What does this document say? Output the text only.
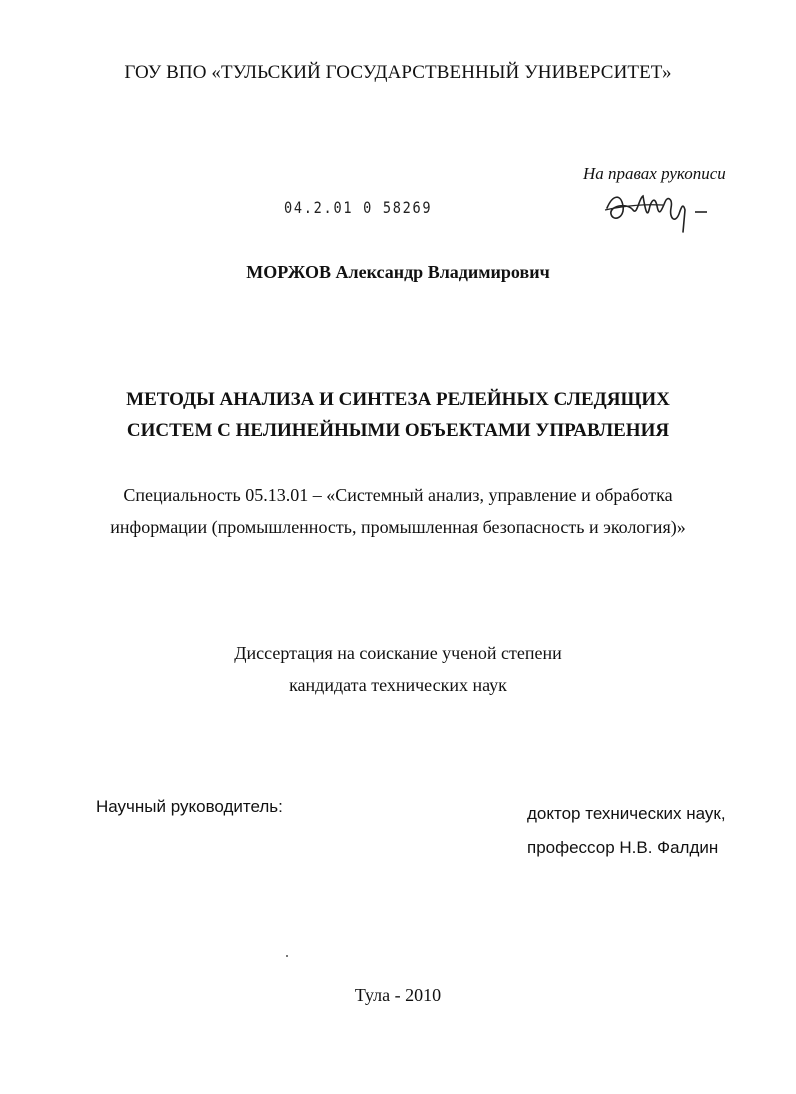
ГОУ ВПО «ТУЛЬСКИЙ ГОСУДАРСТВЕННЫЙ УНИВЕРСИТЕТ»
На правах рукописи
04.2.01 0 58269
МОРЖОВ Александр Владимирович
МЕТОДЫ АНАЛИЗА И СИНТЕЗА РЕЛЕЙНЫХ СЛЕДЯЩИХ
СИСТЕМ С НЕЛИНЕЙНЫМИ ОБЪЕКТАМИ УПРАВЛЕНИЯ
Специальность 05.13.01 – «Системный анализ, управление и обработка
информации (промышленность, промышленная безопасность и экология)»
Диссертация на соискание ученой степени
кандидата технических наук
Научный руководитель:	доктор технических наук,
профессор Н.В. Фалдин
Тула - 2010
